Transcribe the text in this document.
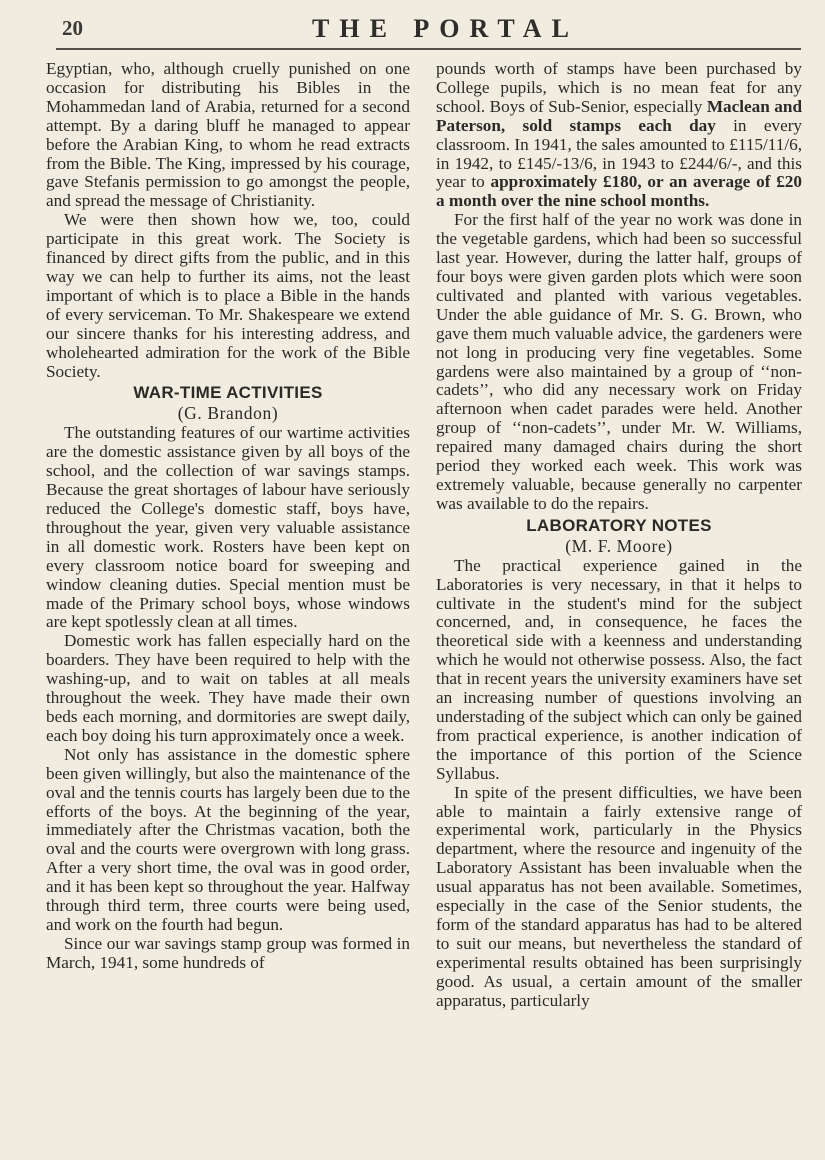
20	THE PORTAL

Egyptian, who, although cruelly punished on one occasion for distributing his Bibles in the Mohammedan land of Arabia, returned for a second attempt. By a daring bluff he managed to appear before the Arabian King, to whom he read extracts from the Bible. The King, impressed by his courage, gave Stefanis permission to go amongst the people, and spread the message of Christianity.

We were then shown how we, too, could participate in this great work. The Society is financed by direct gifts from the public, and in this way we can help to further its aims, not the least important of which is to place a Bible in the hands of every serviceman. To Mr. Shakespeare we extend our sincere thanks for his interesting address, and wholehearted admiration for the work of the Bible Society.

WAR-TIME ACTIVITIES
(G. Brandon)

The outstanding features of our wartime activities are the domestic assistance given by all boys of the school, and the collection of war savings stamps. Because the great shortages of labour have seriously reduced the College's domestic staff, boys have, throughout the year, given very valuable assistance in all domestic work. Rosters have been kept on every classroom notice board for sweeping and window cleaning duties. Special mention must be made of the Primary school boys, whose windows are kept spotlessly clean at all times.

Domestic work has fallen especially hard on the boarders. They have been required to help with the washing-up, and to wait on tables at all meals throughout the week. They have made their own beds each morning, and dormitories are swept daily, each boy doing his turn approximately once a week.

Not only has assistance in the domestic sphere been given willingly, but also the maintenance of the oval and the tennis courts has largely been due to the efforts of the boys. At the beginning of the year, immediately after the Christmas vacation, both the oval and the courts were overgrown with long grass. After a very short time, the oval was in good order, and it has been kept so throughout the year. Halfway through third term, three courts were being used, and work on the fourth had begun.

Since our war savings stamp group was formed in March, 1941, some hundreds of

pounds worth of stamps have been purchased by College pupils, which is no mean feat for any school. Boys of Sub-Senior, especially Maclean and Paterson, sold stamps each day in every classroom. In 1941, the sales amounted to £115/11/6, in 1942, to £145/-13/6, in 1943 to £244/6/-, and this year to approximately £180, or an average of £20 a month over the nine school months.

For the first half of the year no work was done in the vegetable gardens, which had been so successful last year. However, during the latter half, groups of four boys were given garden plots which were soon cultivated and planted with various vegetables. Under the able guidance of Mr. S. G. Brown, who gave them much valuable advice, the gardeners were not long in producing very fine vegetables. Some gardens were also maintained by a group of ‘‘non-cadets’’, who did any necessary work on Friday afternoon when cadet parades were held. Another group of ‘‘non-cadets’’, under Mr. W. Williams, repaired many damaged chairs during the short period they worked each week. This work was extremely valuable, because generally no carpenter was available to do the repairs.

LABORATORY NOTES
(M. F. Moore)

The practical experience gained in the Laboratories is very necessary, in that it helps to cultivate in the student's mind for the subject concerned, and, in consequence, he faces the theoretical side with a keenness and understanding which he would not otherwise possess. Also, the fact that in recent years the university examiners have set an increasing number of questions involving an understading of the subject which can only be gained from practical experience, is another indication of the importance of this portion of the Science Syllabus.

In spite of the present difficulties, we have been able to maintain a fairly extensive range of experimental work, particularly in the Physics department, where the resource and ingenuity of the Laboratory Assistant has been invaluable when the usual apparatus has not been available. Sometimes, especially in the case of the Senior students, the form of the standard apparatus has had to be altered to suit our means, but nevertheless the standard of experimental results obtained has been surprisingly good. As usual, a certain amount of the smaller apparatus, particularly
